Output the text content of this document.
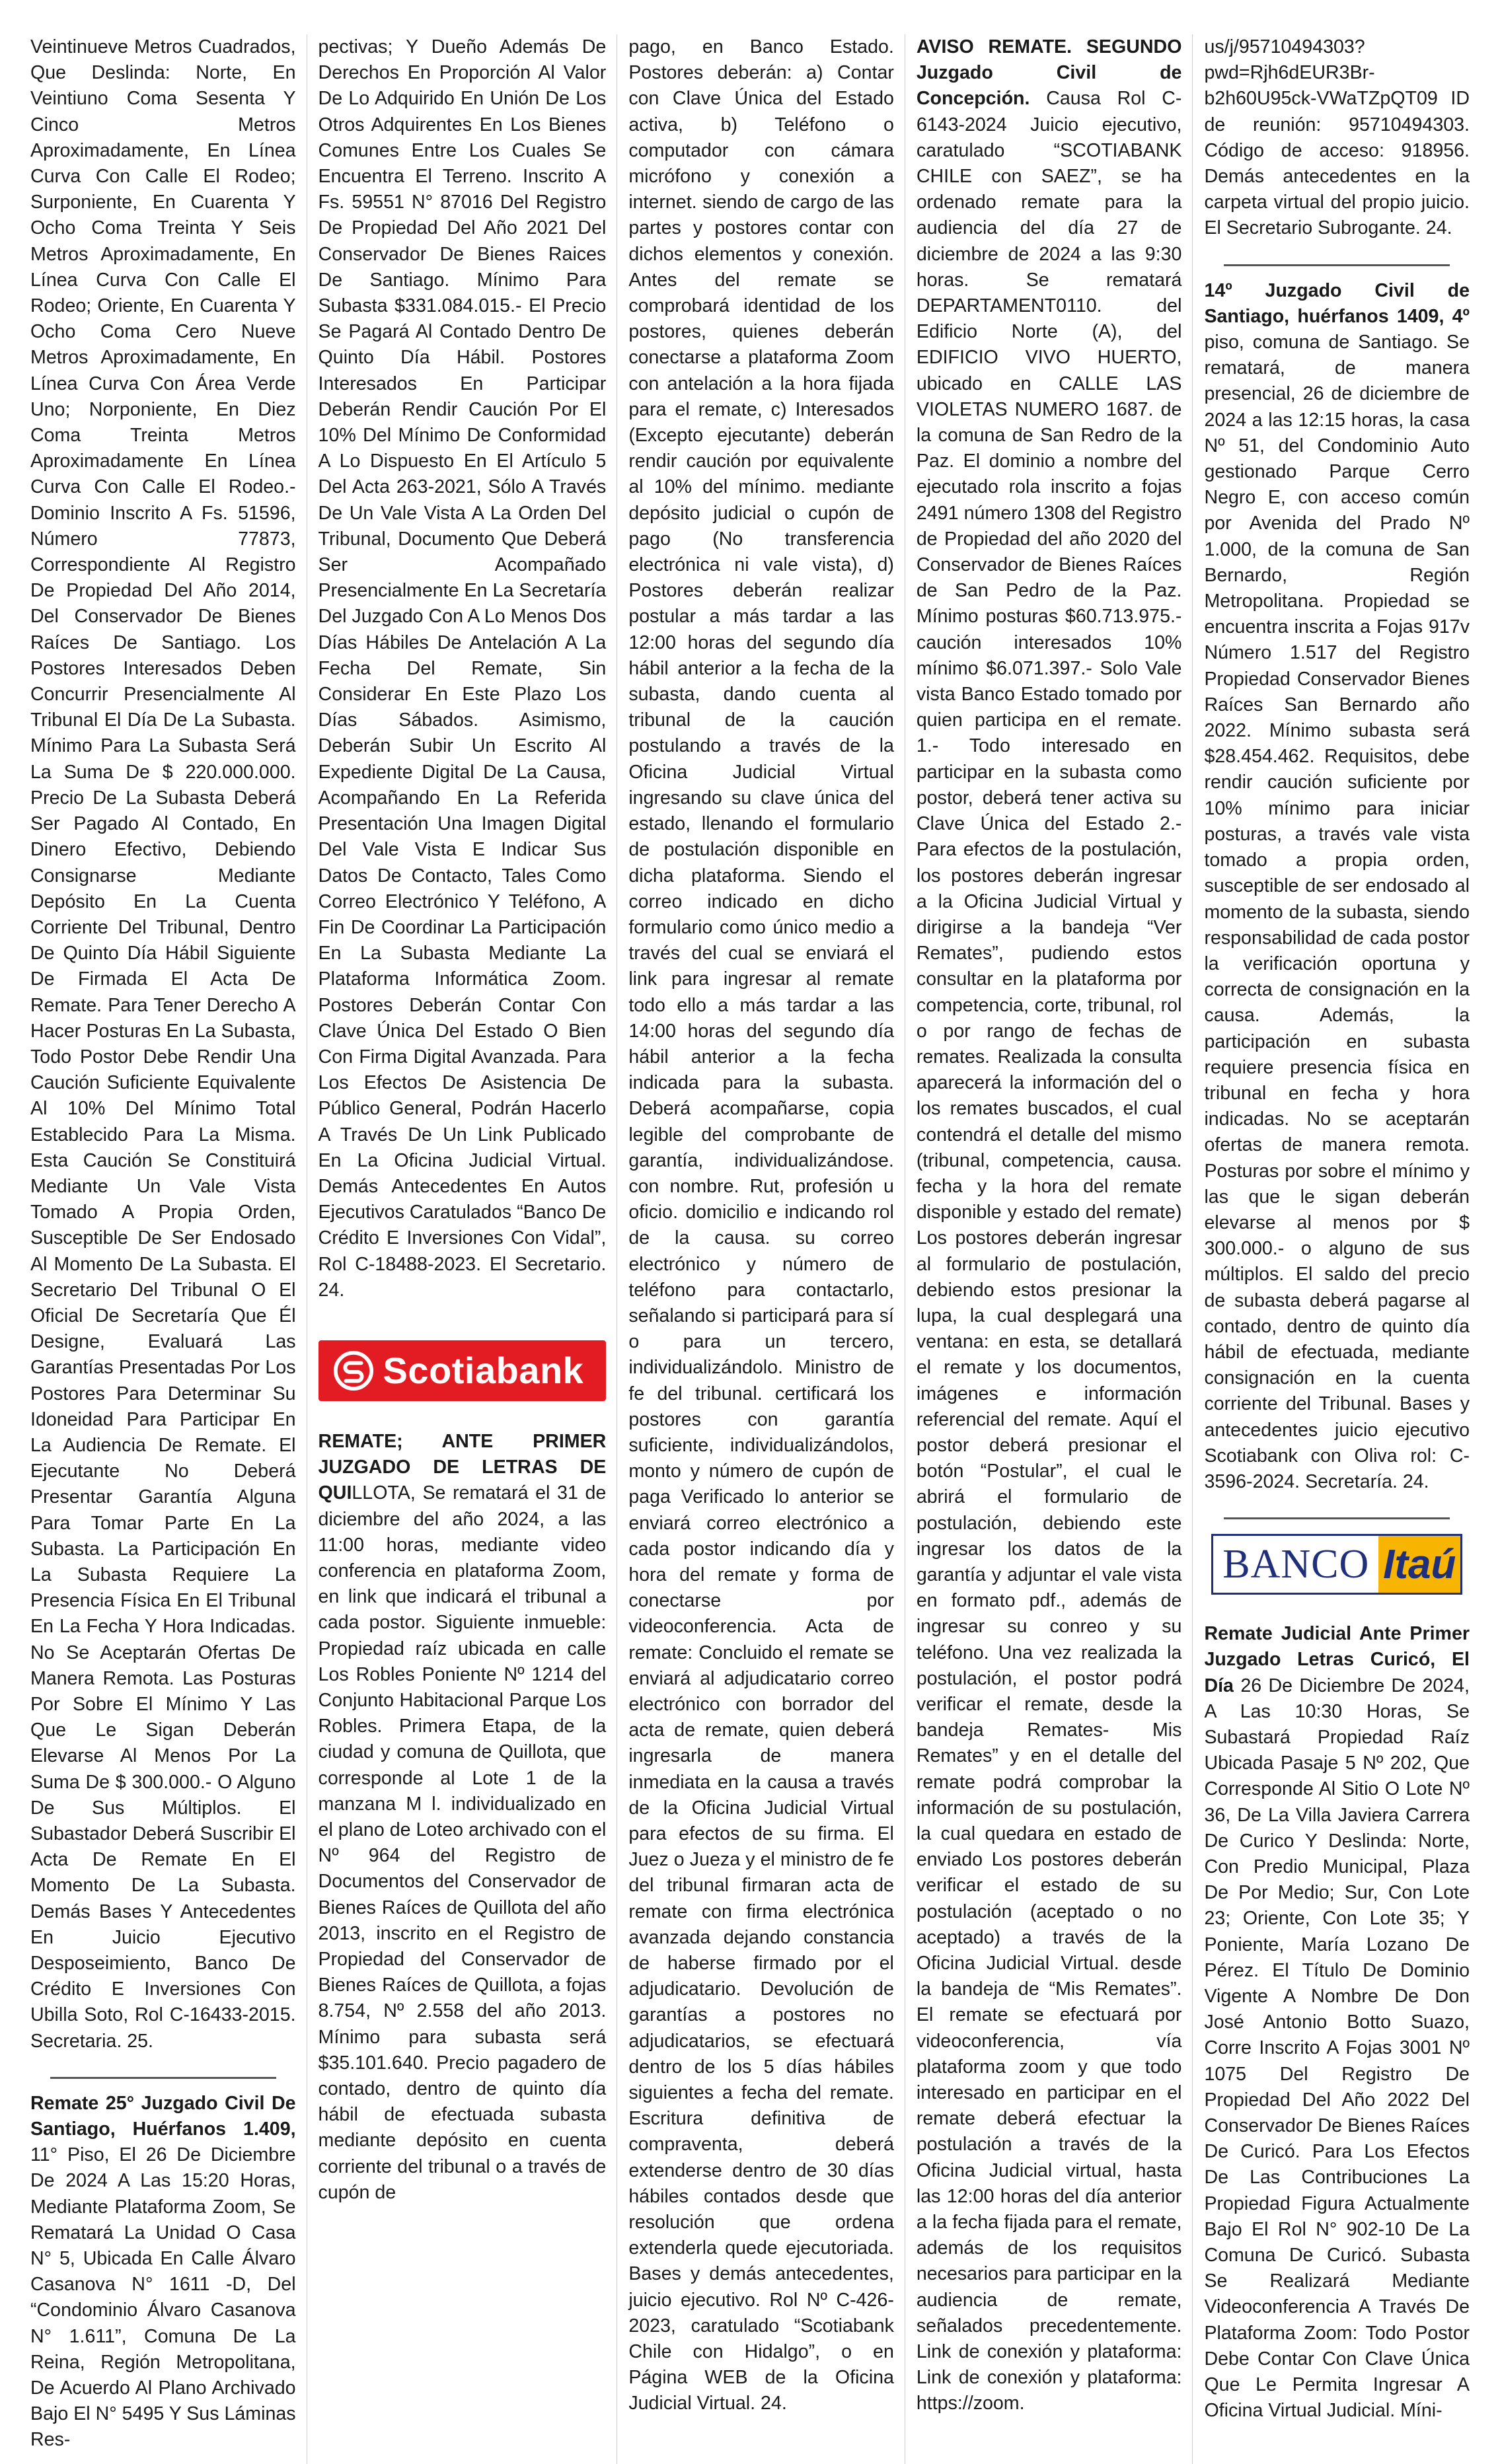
Veintinueve Metros Cuadrados, Que Deslinda: Norte, En Veintiuno Coma Sesenta Y Cinco Metros Aproximadamente, En Línea Curva Con Calle El Rodeo; Surponiente, En Cuarenta Y Ocho Coma Treinta Y Seis Metros Aproximadamente, En Línea Curva Con Calle El Rodeo; Oriente, En Cuarenta Y Ocho Coma Cero Nueve Metros Aproximadamente, En Línea Curva Con Área Verde Uno; Norponiente, En Diez Coma Treinta Metros Aproximadamente En Línea Curva Con Calle El Rodeo.- Dominio Inscrito A Fs. 51596, Número 77873, Correspondiente Al Registro De Propiedad Del Año 2014, Del Conservador De Bienes Raíces De Santiago. Los Postores Interesados Deben Concurrir Presencialmente Al Tribunal El Día De La Subasta. Mínimo Para La Subasta Será La Suma De $ 220.000.000. Precio De La Subasta Deberá Ser Pagado Al Contado, En Dinero Efectivo, Debiendo Consignarse Mediante Depósito En La Cuenta Corriente Del Tribunal, Dentro De Quinto Día Hábil Siguiente De Firmada El Acta De Remate. Para Tener Derecho A Hacer Posturas En La Subasta, Todo Postor Debe Rendir Una Caución Suficiente Equivalente Al 10% Del Mínimo Total Establecido Para La Misma. Esta Caución Se Constituirá Mediante Un Vale Vista Tomado A Propia Orden, Susceptible De Ser Endosado Al Momento De La Subasta. El Secretario Del Tribunal O El Oficial De Secretaría Que Él Designe, Evaluará Las Garantías Presentadas Por Los Postores Para Determinar Su Idoneidad Para Participar En La Audiencia De Remate. El Ejecutante No Deberá Presentar Garantía Alguna Para Tomar Parte En La Subasta. La Participación En La Subasta Requiere La Presencia Física En El Tribunal En La Fecha Y Hora Indicadas. No Se Aceptarán Ofertas De Manera Remota. Las Posturas Por Sobre El Mínimo Y Las Que Le Sigan Deberán Elevarse Al Menos Por La Suma De $ 300.000.- O Alguno De Sus Múltiplos. El Subastador Deberá Suscribir El Acta De Remate En El Momento De La Subasta. Demás Bases Y Antecedentes En Juicio Ejecutivo Desposeimiento, Banco De Crédito E Inversiones Con Ubilla Soto, Rol C-16433-2015. Secretaria. 25.

Remate 25° Juzgado Civil De Santiago, Huérfanos 1.409, 11° Piso, El 26 De Diciembre De 2024 A Las 15:20 Horas, Mediante Plataforma Zoom, Se Rematará La Unidad O Casa N° 5, Ubicada En Calle Álvaro Casanova N° 1611 -D, Del “Condominio Álvaro Casanova N° 1.611”, Comuna De La Reina, Región Metropolitana, De Acuerdo Al Plano Archivado Bajo El N° 5495 Y Sus Láminas Res-

pectivas; Y Dueño Además De Derechos En Proporción Al Valor De Lo Adquirido En Unión De Los Otros Adquirentes En Los Bienes Comunes Entre Los Cuales Se Encuentra El Terreno. Inscrito A Fs. 59551 N° 87016 Del Registro De Propiedad Del Año 2021 Del Conservador De Bienes Raices De Santiago. Mínimo Para Subasta $331.084.015.- El Precio Se Pagará Al Contado Dentro De Quinto Día Hábil. Postores Interesados En Participar Deberán Rendir Caución Por El 10% Del Mínimo De Conformidad A Lo Dispuesto En El Artículo 5 Del Acta 263-2021, Sólo A Través De Un Vale Vista A La Orden Del Tribunal, Documento Que Deberá Ser Acompañado Presencialmente En La Secretaría Del Juzgado Con A Lo Menos Dos Días Hábiles De Antelación A La Fecha Del Remate, Sin Considerar En Este Plazo Los Días Sábados. Asimismo, Deberán Subir Un Escrito Al Expediente Digital De La Causa, Acompañando En La Referida Presentación Una Imagen Digital Del Vale Vista E Indicar Sus Datos De Contacto, Tales Como Correo Electrónico Y Teléfono, A Fin De Coordinar La Participación En La Subasta Mediante La Plataforma Informática Zoom. Postores Deberán Contar Con Clave Única Del Estado O Bien Con Firma Digital Avanzada. Para Los Efectos De Asistencia De Público General, Podrán Hacerlo A Través De Un Link Publicado En La Oficina Judicial Virtual. Demás Antecedentes En Autos Ejecutivos Caratulados “Banco De Crédito E Inversiones Con Vidal”, Rol C-18488-2023. El Secretario. 24.

Scotiabank

REMATE; ANTE PRIMER JUZGADO DE LETRAS DE QUILLOTA, Se rematará el 31 de diciembre del año 2024, a las 11:00 horas, mediante video conferencia en plataforma Zoom, en link que indicará el tribunal a cada postor. Siguiente inmueble: Propiedad raíz ubicada en calle Los Robles Poniente Nº 1214 del Conjunto Habitacional Parque Los Robles. Primera Etapa, de la ciudad y comuna de Quillota, que corresponde al Lote 1 de la manzana M l. individualizado en el plano de Loteo archivado con el Nº 964 del Registro de Documentos del Conservador de Bienes Raíces de Quillota del año 2013, inscrito en el Registro de Propiedad del Conservador de Bienes Raíces de Quillota, a fojas 8.754, Nº 2.558 del año 2013. Mínimo para subasta será $35.101.640. Precio pagadero de contado, dentro de quinto día hábil de efectuada subasta mediante depósito en cuenta corriente del tribunal o a través de cupón de

pago, en Banco Estado. Postores deberán: a) Contar con Clave Única del Estado activa, b) Teléfono o computador con cámara micrófono y conexión a internet. siendo de cargo de las partes y postores contar con dichos elementos y conexión. Antes del remate se comprobará identidad de los postores, quienes deberán conectarse a plataforma Zoom con antelación a la hora fijada para el remate, c) Interesados (Excepto ejecutante) deberán rendir caución por equivalente al 10% del mínimo. mediante depósito judicial o cupón de pago (No transferencia electrónica ni vale vista), d) Postores deberán realizar postular a más tardar a las 12:00 horas del segundo día hábil anterior a la fecha de la subasta, dando cuenta al tribunal de la caución postulando a través de la Oficina Judicial Virtual ingresando su clave única del estado, llenando el formulario de postulación disponible en dicha plataforma. Siendo el correo indicado en dicho formulario como único medio a través del cual se enviará el link para ingresar al remate todo ello a más tardar a las 14:00 horas del segundo día hábil anterior a la fecha indicada para la subasta. Deberá acompañarse, copia legible del comprobante de garantía, individualizándose. con nombre. Rut, profesión u oficio. domicilio e indicando rol de la causa. su correo electrónico y número de teléfono para contactarlo, señalando si participará para sí o para un tercero, individualizándolo. Ministro de fe del tribunal. certificará los postores con garantía suficiente, individualizándolos, monto y número de cupón de paga Verificado lo anterior se enviará correo electrónico a cada postor indicando día y hora del remate y forma de conectarse por videoconferencia. Acta de remate: Concluido el remate se enviará al adjudicatario correo electrónico con borrador del acta de remate, quien deberá ingresarla de manera inmediata en la causa a través de la Oficina Judicial Virtual para efectos de su firma. El Juez o Jueza y el ministro de fe del tribunal firmaran acta de remate con firma electrónica avanzada dejando constancia de haberse firmado por el adjudicatario. Devolución de garantías a postores no adjudicatarios, se efectuará dentro de los 5 días hábiles siguientes a fecha del remate. Escritura definitiva de compraventa, deberá extenderse dentro de 30 días hábiles contados desde que resolución que ordena extenderla quede ejecutoriada. Bases y demás antecedentes, juicio ejecutivo. Rol Nº C-426-2023, caratulado “Scotiabank Chile con Hidalgo”, o en Página WEB de la Oficina Judicial Virtual. 24.

AVISO REMATE. SEGUNDO Juzgado Civil de Concepción. Causa Rol C-6143-2024 Juicio ejecutivo, caratulado “SCOTIABANK CHILE con SAEZ”, se ha ordenado remate para la audiencia del día 27 de diciembre de 2024 a las 9:30 horas. Se rematará DEPARTAMENT0110. del Edificio Norte (A), del EDIFICIO VIVO HUERTO, ubicado en CALLE LAS VIOLETAS NUMERO 1687. de la comuna de San Redro de la Paz. El dominio a nombre del ejecutado rola inscrito a fojas 2491 número 1308 del Registro de Propiedad del año 2020 del Conservador de Bienes Raíces de San Pedro de la Paz. Mínimo posturas $60.713.975.- caución interesados 10% mínimo $6.071.397.- Solo Vale vista Banco Estado tomado por quien participa en el remate. 1.- Todo interesado en participar en la subasta como postor, deberá tener activa su Clave Única del Estado 2.- Para efectos de la postulación, los postores deberán ingresar a la Oficina Judicial Virtual y dirigirse a la bandeja “Ver Remates”, pudiendo estos consultar en la plataforma por competencia, corte, tribunal, rol o por rango de fechas de remates. Realizada la consulta aparecerá la información del o los remates buscados, el cual contendrá el detalle del mismo (tribunal, competencia, causa. fecha y la hora del remate disponible y estado del remate) Los postores deberán ingresar al formulario de postulación, debiendo estos presionar la lupa, la cual desplegará una ventana: en esta, se detallará el remate y los documentos, imágenes e información referencial del remate. Aquí el postor deberá presionar el botón “Postular”, el cual le abrirá el formulario de postulación, debiendo este ingresar los datos de la garantía y adjuntar el vale vista en formato pdf., además de ingresar su conreo y su teléfono. Una vez realizada la postulación, el postor podrá verificar el remate, desde la bandeja Remates- Mis Remates” y en el detalle del remate podrá comprobar la información de su postulación, la cual quedara en estado de enviado Los postores deberán verificar el estado de su postulación (aceptado o no aceptado) a través de la Oficina Judicial Virtual. desde la bandeja de “Mis Remates”. El remate se efectuará por videoconferencia, vía plataforma zoom y que todo interesado en participar en el remate deberá efectuar la postulación a través de la Oficina Judicial virtual, hasta las 12:00 horas del día anterior a la fecha fijada para el remate, además de los requisitos necesarios para participar en la audiencia de remate, señalados precedentemente. Link de conexión y plataforma: Link de conexión y plataforma: https://zoom.

us/j/95710494303?pwd=Rjh6dEUR3Br-b2h60U95ck-VWaTZpQT09 ID de reunión: 95710494303. Código de acceso: 918956. Demás antecedentes en la carpeta virtual del propio juicio. El Secretario Subrogante. 24.

14º Juzgado Civil de Santiago, huérfanos 1409, 4º piso, comuna de Santiago. Se rematará, de manera presencial, 26 de diciembre de 2024 a las 12:15 horas, la casa Nº 51, del Condominio Auto gestionado Parque Cerro Negro E, con acceso común por Avenida del Prado Nº 1.000, de la comuna de San Bernardo, Región Metropolitana. Propiedad se encuentra inscrita a Fojas 917v Número 1.517 del Registro Propiedad Conservador Bienes Raíces San Bernardo año 2022. Mínimo subasta será $28.454.462. Requisitos, debe rendir caución suficiente por 10% mínimo para iniciar posturas, a través vale vista tomado a propia orden, susceptible de ser endosado al momento de la subasta, siendo responsabilidad de cada postor la verificación oportuna y correcta de consignación en la causa. Además, la participación en subasta requiere presencia física en tribunal en fecha y hora indicadas. No se aceptarán ofertas de manera remota. Posturas por sobre el mínimo y las que le sigan deberán elevarse al menos por $ 300.000.- o alguno de sus múltiplos. El saldo del precio de subasta deberá pagarse al contado, dentro de quinto día hábil de efectuada, mediante consignación en la cuenta corriente del Tribunal. Bases y antecedentes juicio ejecutivo Scotiabank con Oliva rol: C-3596-2024. Secretaría. 24.

BANCO Itaú

Remate Judicial Ante Primer Juzgado Letras Curicó, El Día 26 De Diciembre De 2024, A Las 10:30 Horas, Se Subastará Propiedad Raíz Ubicada Pasaje 5 Nº 202, Que Corresponde Al Sitio O Lote Nº 36, De La Villa Javiera Carrera De Curico Y Deslinda: Norte, Con Predio Municipal, Plaza De Por Medio; Sur, Con Lote 23; Oriente, Con Lote 35; Y Poniente, María Lozano De Pérez. El Título De Dominio Vigente A Nombre De Don José Antonio Botto Suazo, Corre Inscrito A Fojas 3001 Nº 1075 Del Registro De Propiedad Del Año 2022 Del Conservador De Bienes Raíces De Curicó. Para Los Efectos De Las Contribuciones La Propiedad Figura Actualmente Bajo El Rol N° 902-10 De La Comuna De Curicó. Subasta Se Realizará Mediante Videoconferencia A Través De Plataforma Zoom: Todo Postor Debe Contar Con Clave Única Que Le Permita Ingresar A Oficina Virtual Judicial. Míni-
